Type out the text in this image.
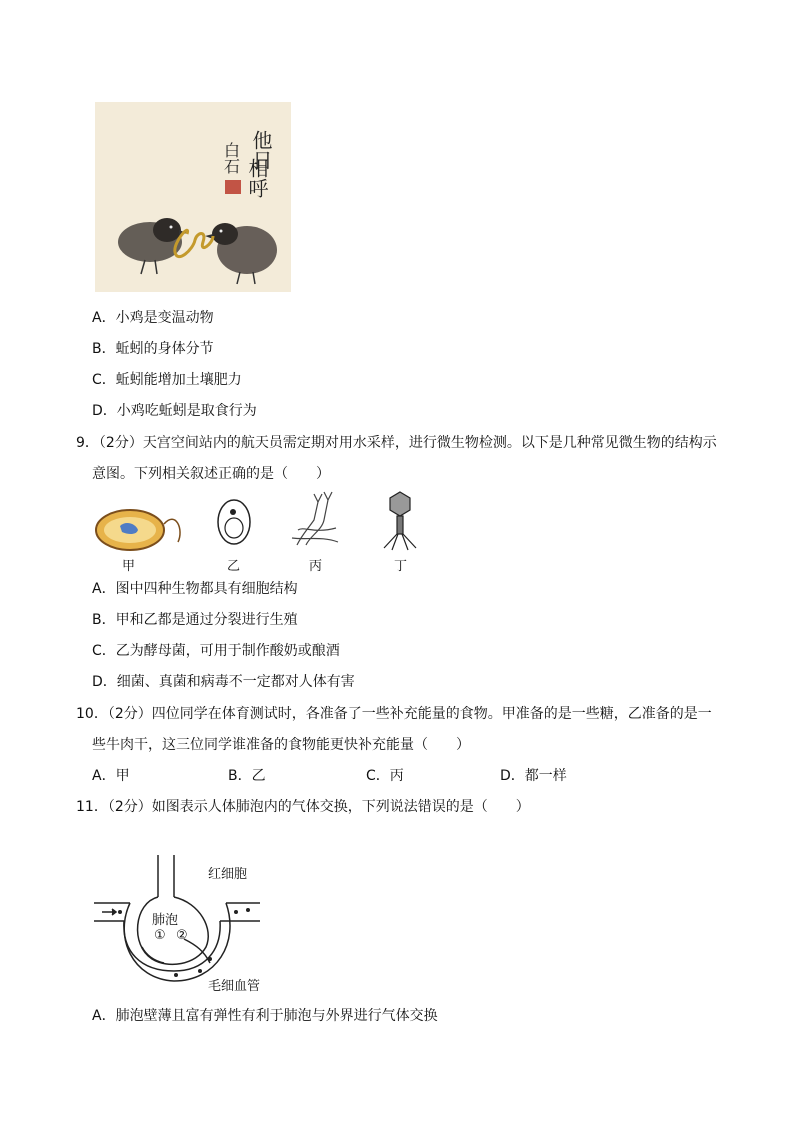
他日
相呼
白石
A．小鸡是变温动物
B．蚯蚓的身体分节
C．蚯蚓能增加土壤肥力
D．小鸡吃蚯蚓是取食行为
9．（2分）天宫空间站内的航天员需定期对用水采样，进行微生物检测。以下是几种常见微生物的结构示
意图。下列相关叙述正确的是（　　）
甲	乙	丙	丁
A．图中四种生物都具有细胞结构
B．甲和乙都是通过分裂进行生殖
C．乙为酵母菌，可用于制作酸奶或酿酒
D．细菌、真菌和病毒不一定都对人体有害
10．（2分）四位同学在体育测试时，各准备了一些补充能量的食物。甲准备的是一些糖，乙准备的是一
些牛肉干，这三位同学谁准备的食物能更快补充能量（　　）
A．甲	B．乙	C．丙	D．都一样
11．（2分）如图表示人体肺泡内的气体交换，下列说法错误的是（　　）
红细胞
肺泡
① ②
毛细血管
A．肺泡壁薄且富有弹性有利于肺泡与外界进行气体交换
